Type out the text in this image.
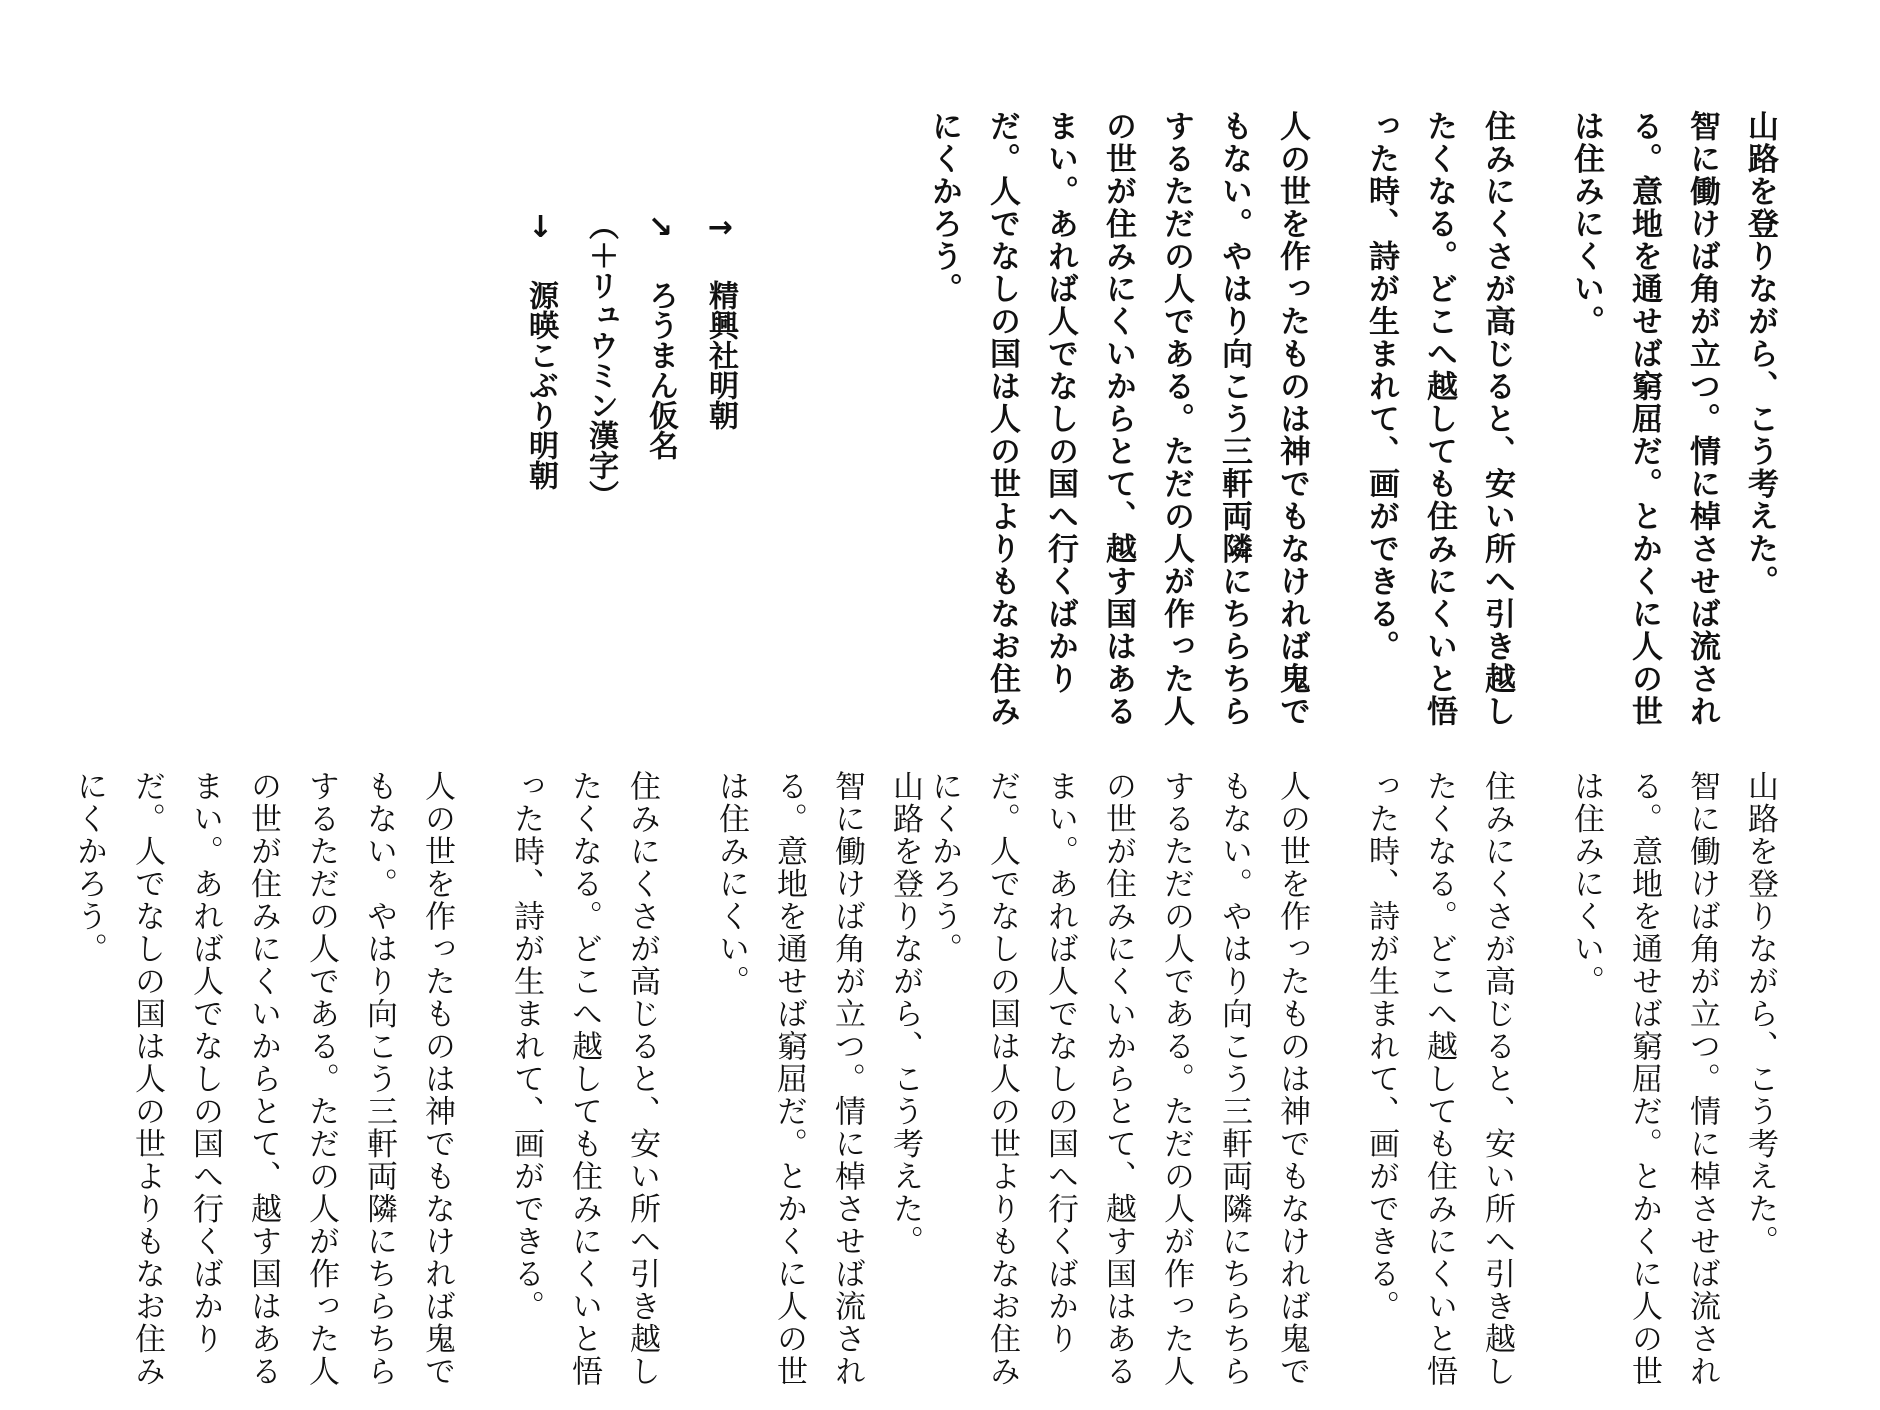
山路を登りながら、こう考えた。

智に働けば角が立つ。情に棹させば流される。意地を通せば窮屈だ。とかくに人の世は住みにくい。

住みにくさが高じると、安い所へ引き越したくなる。どこへ越しても住みにくいと悟った時、詩が生まれて、画ができる。

人の世を作ったものは神でもなければ鬼でもない。やはり向こう三軒両隣にちらちらするただの人である。ただの人が作った人の世が住みにくいからとて、越す国はあるまい。あれば人でなしの国へ行くばかりだ。人でなしの国は人の世よりもなお住みにくかろう。

山路を登りながら、こう考えた。

智に働けば角が立つ。情に棹させば流される。意地を通せば窮屈だ。とかくに人の世は住みにくい。

住みにくさが高じると、安い所へ引き越したくなる。どこへ越しても住みにくいと悟った時、詩が生まれて、画ができる。

人の世を作ったものは神でもなければ鬼でもない。やはり向こう三軒両隣にちらちらするただの人である。ただの人が作った人の世が住みにくいからとて、越す国はあるまい。あれば人でなしの国へ行くばかりだ。人でなしの国は人の世よりもなお住みにくかろう。

山路を登りながら、こう考えた。

智に働けば角が立つ。情に棹させば流される。意地を通せば窮屈だ。とかくに人の世は住みにくい。

住みにくさが高じると、安い所へ引き越したくなる。どこへ越しても住みにくいと悟った時、詩が生まれて、画ができる。

人の世を作ったものは神でもなければ鬼でもない。やはり向こう三軒両隣にちらちらするただの人である。ただの人が作った人の世が住みにくいからとて、越す国はあるまい。あれば人でなしの国へ行くばかりだ。人でなしの国は人の世よりもなお住みにくかろう。

→ 精興社明朝
↘ ろうまん仮名
（＋リュウミン漢字）
↓ 源暎こぶり明朝
